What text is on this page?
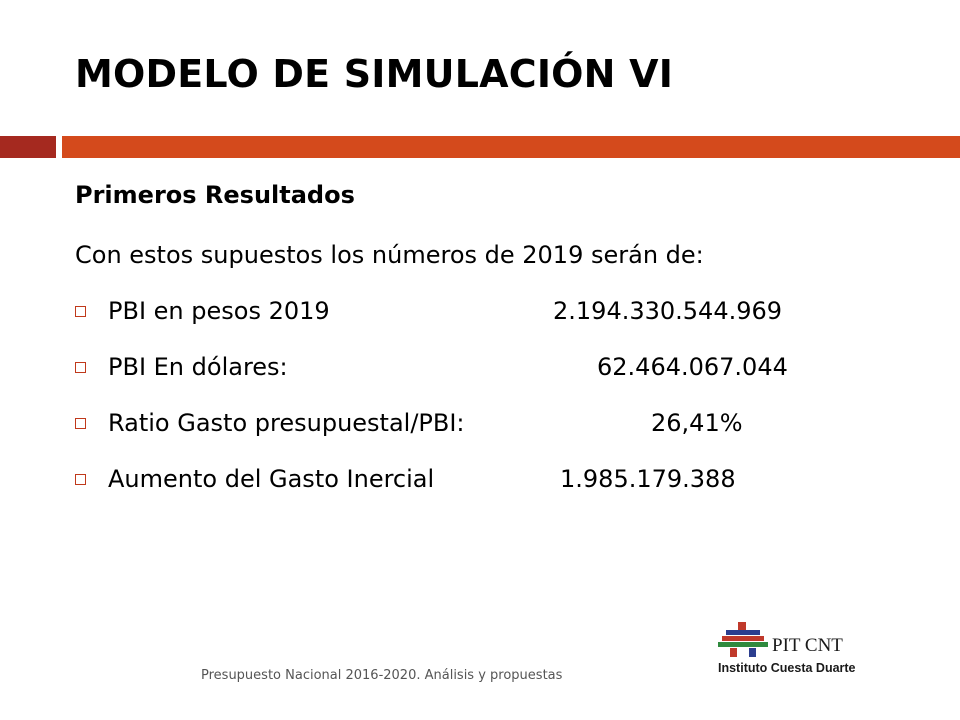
MODELO DE SIMULACIÓN VI
Primeros Resultados
Con estos supuestos los números de 2019 serán de:
PBI en pesos 2019	2.194.330.544.969
PBI En dólares:	62.464.067.044
Ratio Gasto presupuestal/PBI:	26,41%
Aumento del Gasto Inercial	1.985.179.388
Presupuesto Nacional 2016-2020. Análisis y propuestas
PIT CNT
Instituto Cuesta Duarte
